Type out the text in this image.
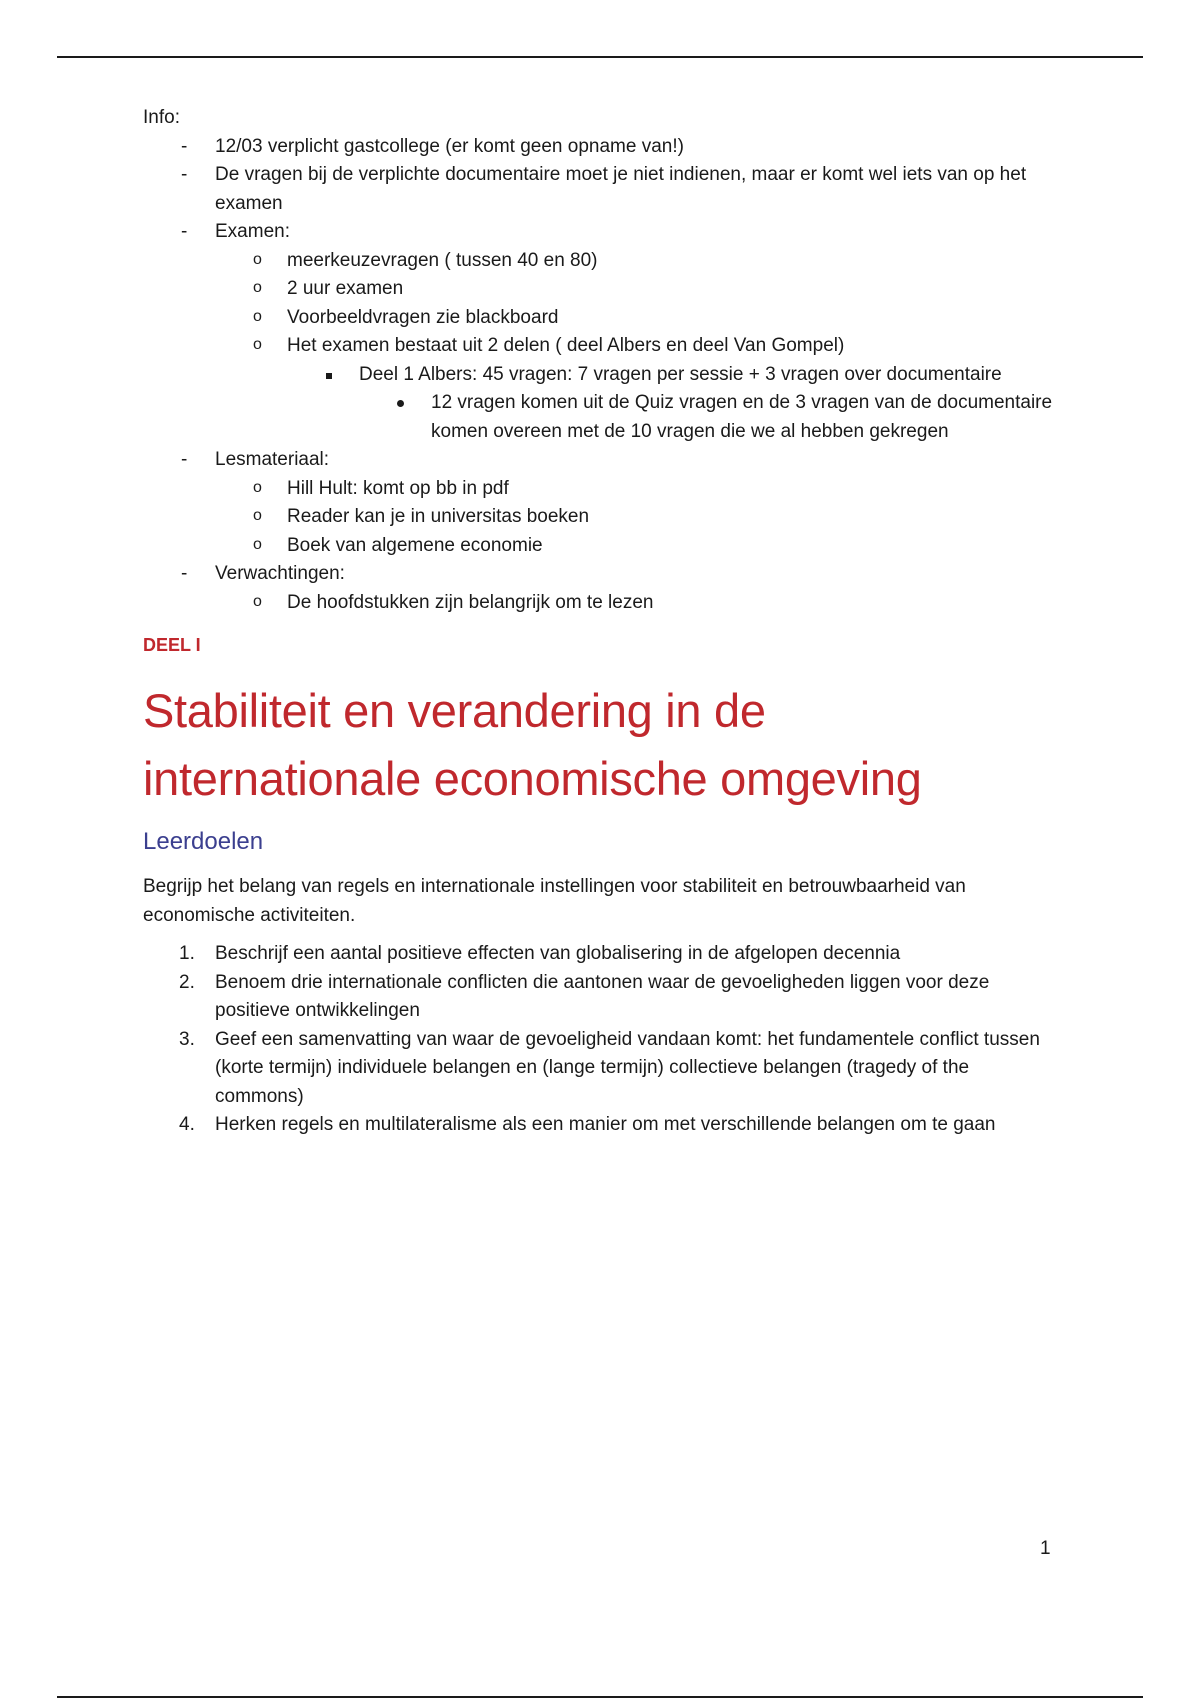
Info:

- 12/03 verplicht gastcollege (er komt geen opname van!)
- De vragen bij de verplichte documentaire moet je niet indienen, maar er komt wel iets van op het examen
- Examen:
o meerkeuzevragen ( tussen 40 en 80)
o 2 uur examen
o Voorbeeldvragen zie blackboard
o Het examen bestaat uit 2 delen ( deel Albers en deel Van Gompel)
Deel 1 Albers: 45 vragen: 7 vragen per sessie + 3 vragen over documentaire
12 vragen komen uit de Quiz vragen en de 3 vragen van de documentaire komen overeen met de 10 vragen die we al hebben gekregen
- Lesmateriaal:
o Hill Hult: komt op bb in pdf
o Reader kan je in universitas boeken
o Boek van algemene economie
- Verwachtingen:
o De hoofdstukken zijn belangrijk om te lezen
DEEL I
Stabiliteit en verandering in de
internationale economische omgeving
Leerdoelen

Begrijp het belang van regels en internationale instellingen voor stabiliteit en betrouwbaarheid van economische activiteiten.

1. Beschrijf een aantal positieve effecten van globalisering in de afgelopen decennia
2. Benoem drie internationale conflicten die aantonen waar de gevoeligheden liggen voor deze positieve ontwikkelingen
3. Geef een samenvatting van waar de gevoeligheid vandaan komt: het fundamentele conflict tussen (korte termijn) individuele belangen en (lange termijn) collectieve belangen (tragedy of the commons)
4. Herken regels en multilateralisme als een manier om met verschillende belangen om te gaan
1
